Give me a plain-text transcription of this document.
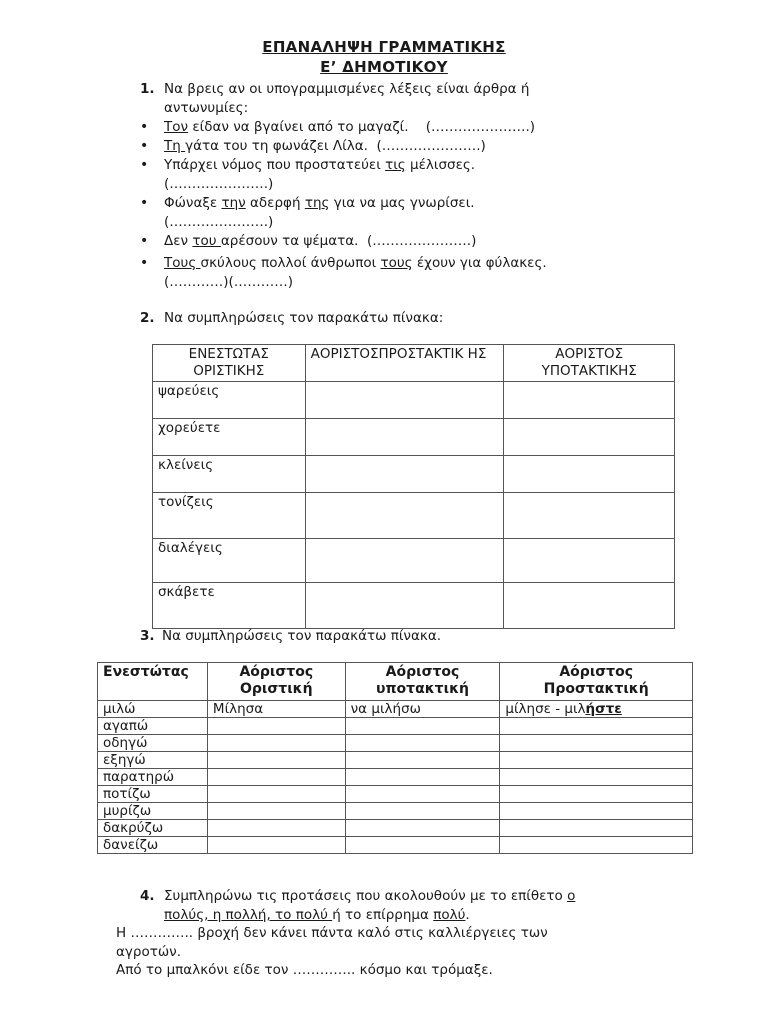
ΕΠΑΝΑΛΗΨΗ ΓΡΑΜΜΑΤΙΚΗΣ
Ε’ ΔΗΜΟΤΙΚΟΥ
1. Να βρεις αν οι υπογραμμισμένες λέξεις είναι άρθρα ή
αντωνυμίες:
• Τον είδαν να βγαίνει από το μαγαζί. (………………….)
• Τη γάτα του τη φωνάζει Λίλα. (………………….)
• Υπάρχει νόμος που προστατεύει τις μέλισσες.
(………………….)
• Φώναξε την αδερφή της για να μας γνωρίσει.
(………………….)
• Δεν του αρέσουν τα ψέματα. (………………….)
• Τους σκύλους πολλοί άνθρωποι τους έχουν για φύλακες.
(…………)(…………)
2. Να συμπληρώσεις τον παρακάτω πίνακα:
ΕΝΕΣΤΩΤΑΣ ΟΡΙΣΤΙΚΗΣ	ΑΟΡΙΣΤΟΣΠΡΟΣΤΑΚΤΙΚ ΗΣ	ΑΟΡΙΣΤΟΣ ΥΠΟΤΑΚΤΙΚΗΣ
ψαρεύεις		
χορεύετε		
κλείνεις		
τονίζεις		
διαλέγεις		
σκάβετε		
3. Να συμπληρώσεις τον παρακάτω πίνακα.
Ενεστώτας	Αόριστος Οριστική	Αόριστος υποτακτική	Αόριστος Προστακτική
μιλώ	Μίλησα	να μιλήσω	μίλησε - μιλήστε
αγαπώ			
οδηγώ			
εξηγώ			
παρατηρώ			
ποτίζω			
μυρίζω			
δακρύζω			
δανείζω			
4. Συμπληρώνω τις προτάσεις που ακολουθούν με το επίθετο ο
πολύς, η πολλή, το πολύ ή το επίρρημα πολύ.
Η ………….. βροχή δεν κάνει πάντα καλό στις καλλιέργειες των
αγροτών.
Από το μπαλκόνι είδε τον ………….. κόσμο και τρόμαξε.
